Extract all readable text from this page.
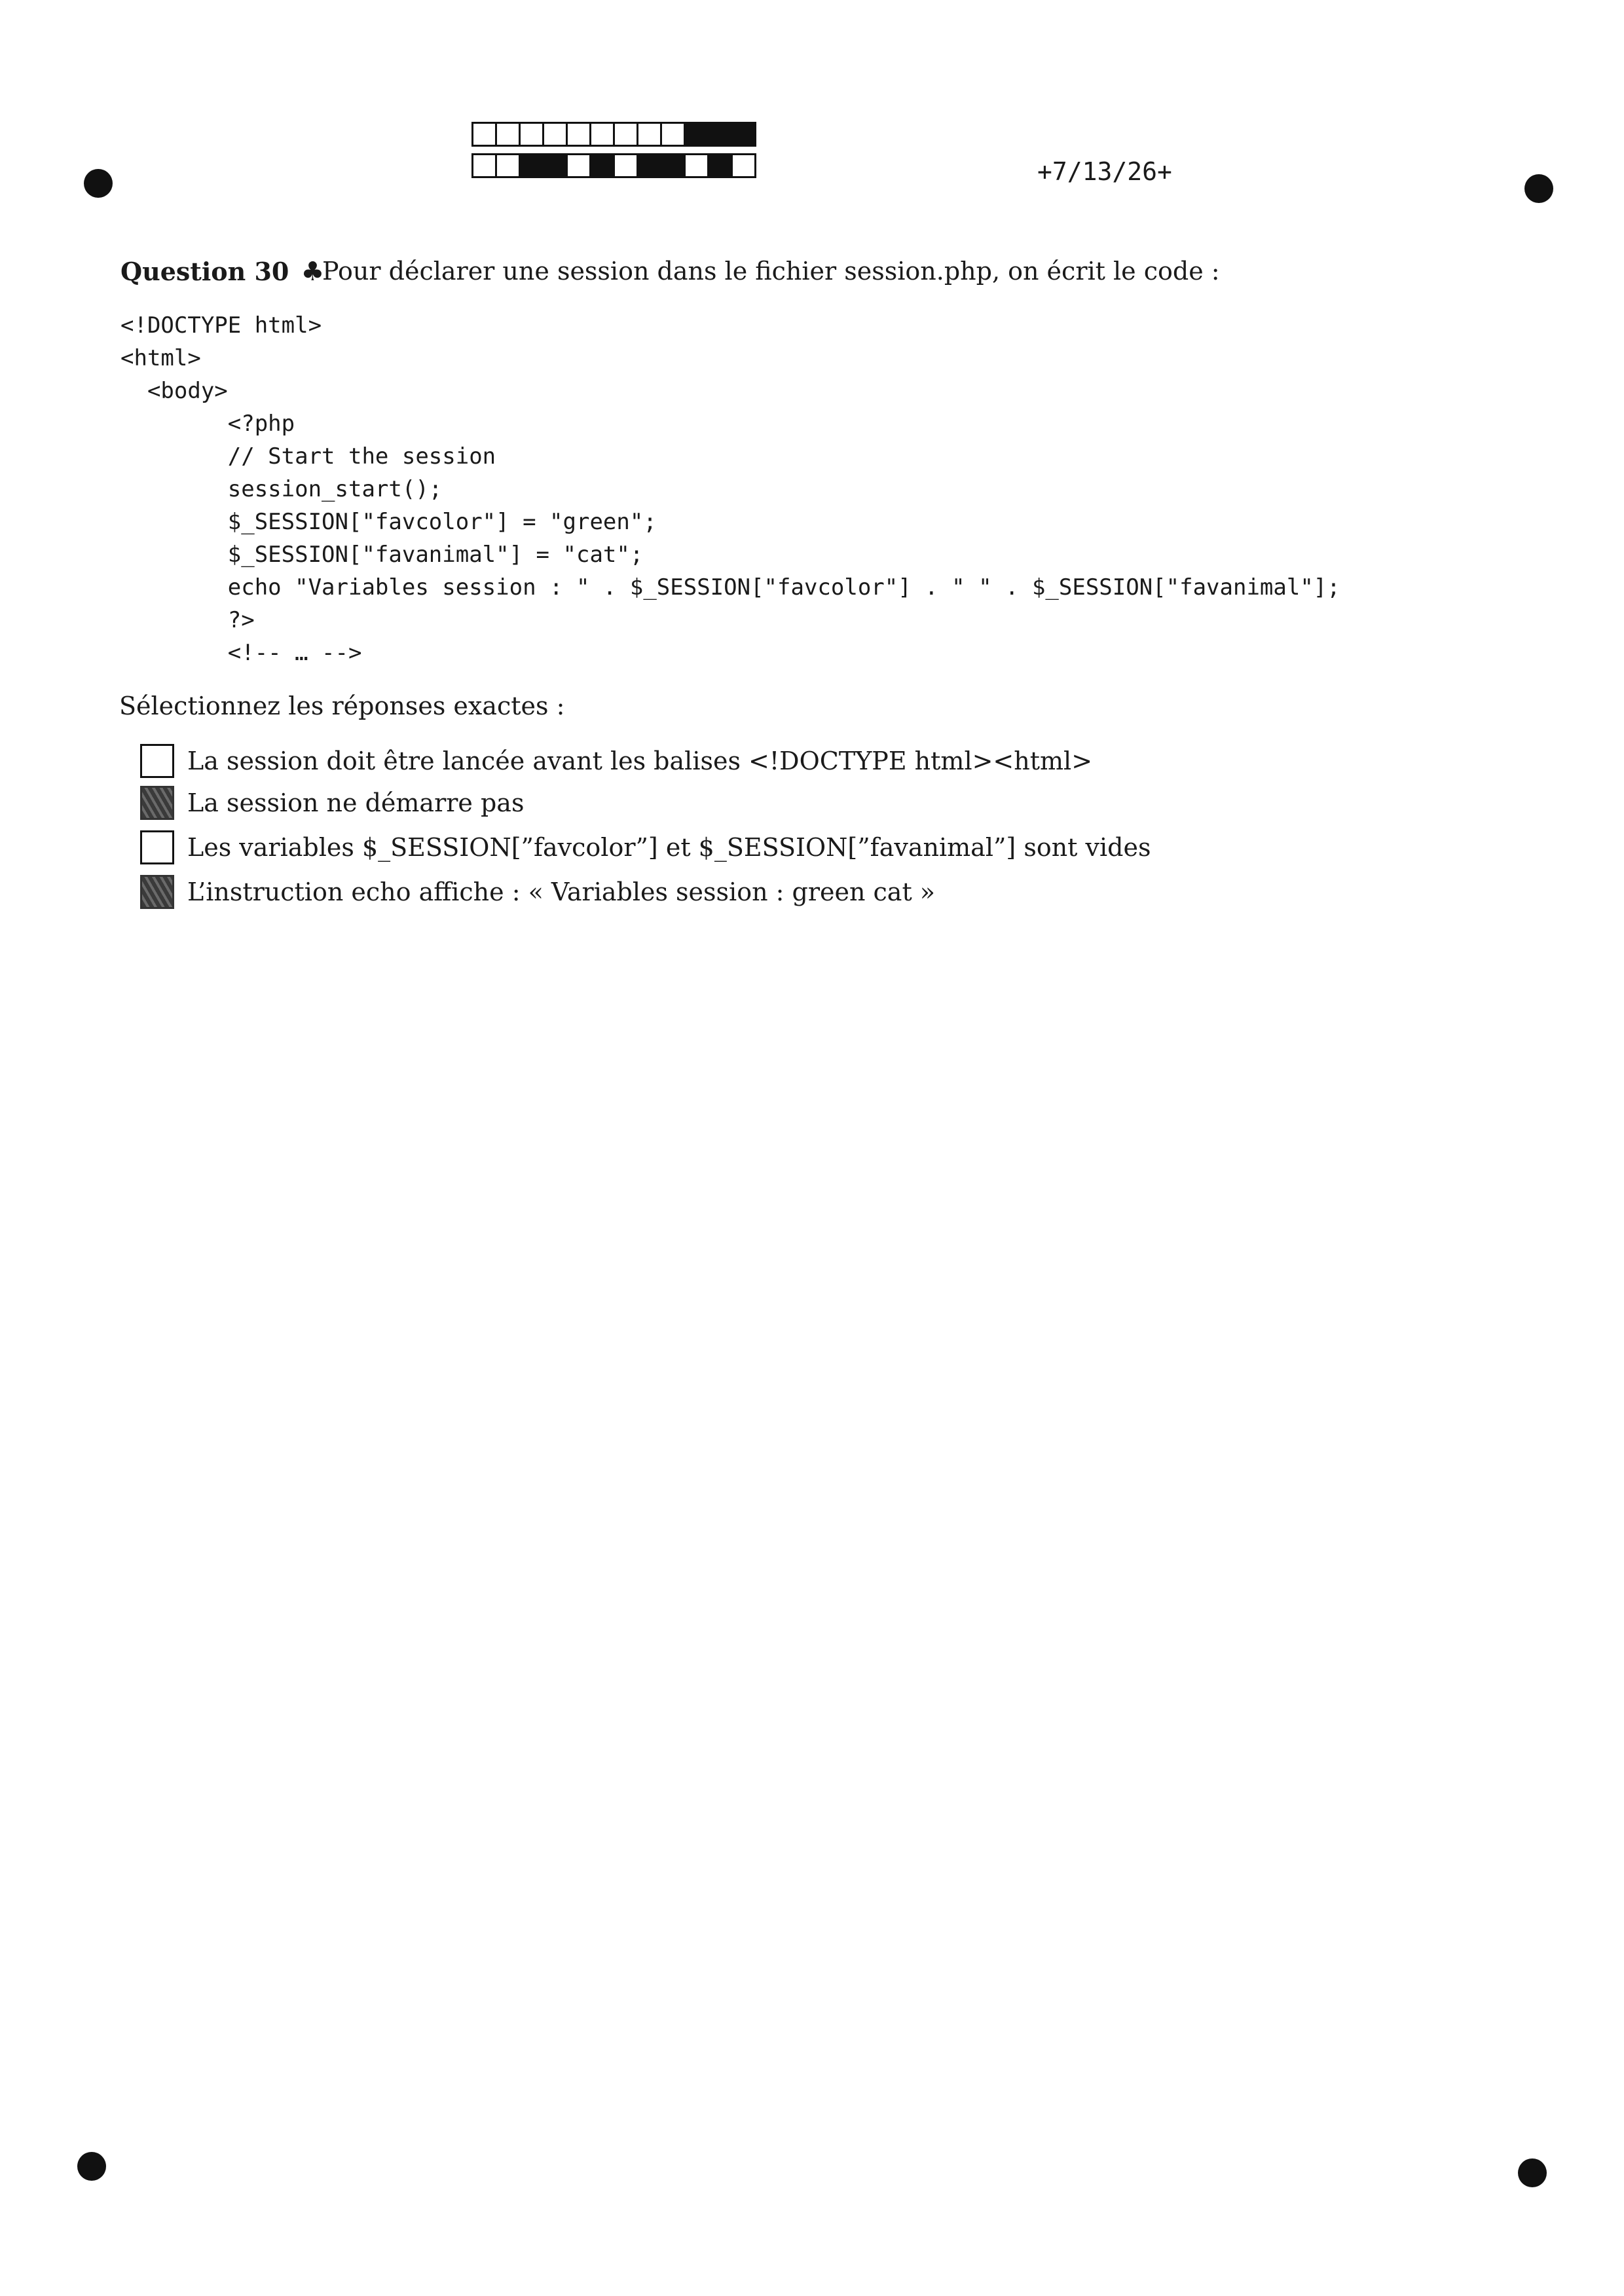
+7/13/26+
Question 30 ♣
Pour déclarer une session dans le fichier session.php, on écrit le code :
<!DOCTYPE html>
<html>
<body>
<?php
// Start the session
session_start();
$_SESSION["favcolor"] = "green";
$_SESSION["favanimal"] = "cat";
echo "Variables session : " . $_SESSION["favcolor"] . " " . $_SESSION["favanimal"];
?>
<!-- … -->
Sélectionnez les réponses exactes :
La session doit être lancée avant les balises <!DOCTYPE html><html>
La session ne démarre pas
Les variables $_SESSION[”favcolor”] et $_SESSION[”favanimal”] sont vides
L’instruction echo affiche : « Variables session : green cat »
